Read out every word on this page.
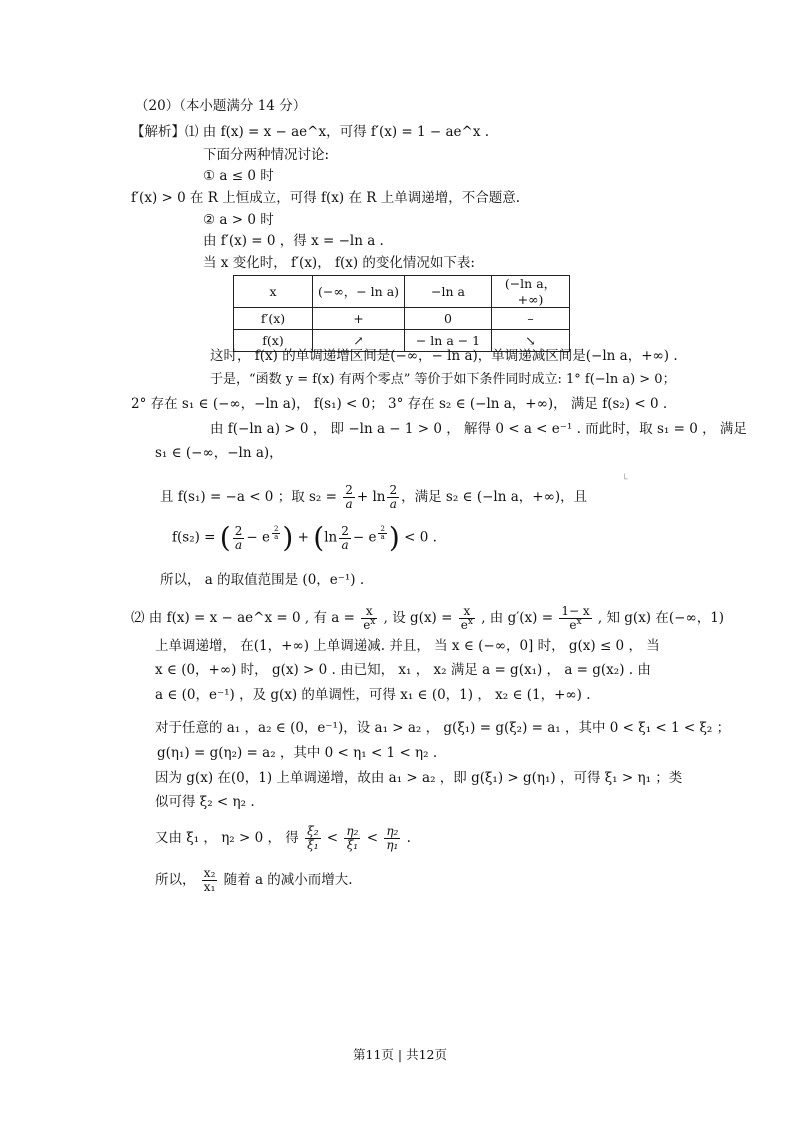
（20）（本小题满分 14 分）
【解析】⑴ 由 f(x) = x − ae^x，可得 f′(x) = 1 − ae^x .
下面分两种情况讨论:
① a ≤ 0 时
f′(x) > 0 在 R 上恒成立，可得 f(x) 在 R 上单调递增，不合题意.
② a > 0 时
由 f′(x) = 0 ，得 x = −ln a .
当 x 变化时， f′(x)， f(x) 的变化情况如下表:
x	(−∞，− ln a)	−ln a	(−ln a，+∞)
f′(x)	+	0	–
f(x)	↗	− ln a − 1	↘
这时， f(x) 的单调递增区间是(−∞，− ln a)，单调递减区间是(−ln a，+∞) .
于是，“函数 y = f(x) 有两个零点” 等价于如下条件同时成立: 1° f(−ln a) > 0；
2° 存在 s₁ ∈ (−∞，−ln a)， f(s₁) < 0； 3° 存在 s₂ ∈ (−ln a，+∞)， 满足 f(s₂) < 0 .
由 f(−ln a) > 0 ， 即 −ln a − 1 > 0 ， 解得 0 < a < e⁻¹ . 而此时，取 s₁ = 0 ， 满足
s₁ ∈ (−∞，−ln a)，
└
且 f(s₁) = −a < 0 ；取 $s_2 = \frac{2}{a} + \ln \frac{2}{a}$ ，满足 s₂ ∈ (−ln a，+∞)，且
f(s₂) = ( $\frac{2}{a} - e$ $^{\frac{2}{a}}$ ) + ($\ln \frac{2}{a} - e$ $^{\frac{2}{a}}$ ) < 0 .
所以， a 的取值范围是 (0，e⁻¹) .
⑵ 由 f(x) = x − ae^x = 0 , 有 $a = \frac{x}{e^x}$ , 设 $g(x) = \frac{x}{e^x}$ , 由 $g'(x) = \frac{1- x}{e^x}$ , 知 g(x) 在(−∞，1)
上单调递增， 在(1，+∞) 上单调递减. 并且， 当 x ∈ (−∞，0] 时， g(x) ≤ 0 ， 当
x ∈ (0，+∞) 时， g(x) > 0 . 由已知， x₁ ， x₂ 满足 a = g(x₁) ， a = g(x₂) . 由
a ∈ (0，e⁻¹) ，及 g(x) 的单调性，可得 x₁ ∈ (0，1) ， x₂ ∈ (1，+∞) .
对于任意的 a₁ ，a₂ ∈ (0，e⁻¹)，设 a₁ > a₂ ， g(ξ₁) = g(ξ₂) = a₁ ，其中 0 < ξ₁ < 1 < ξ₂ ；
g(η₁) = g(η₂) = a₂ ，其中 0 < η₁ < 1 < η₂ .
因为 g(x) 在(0，1) 上单调递增，故由 a₁ > a₂ ，即 g(ξ₁) > g(η₁) ，可得 ξ₁ > η₁ ；类
似可得 ξ₂ < η₂ .
又由 ξ₁ ， η₂ > 0 ， 得 $\frac{\text{ξ₂}}{\text{ξ₁}} < \frac{\text{η₂}}{\text{ξ₁}} < \frac{\text{η₂}}{\text{η₁}}$ .
所以， $\frac{\text{x₂}}{\text{x₁}}$ 随着 a 的减小而增大.
第11页 | 共12页
